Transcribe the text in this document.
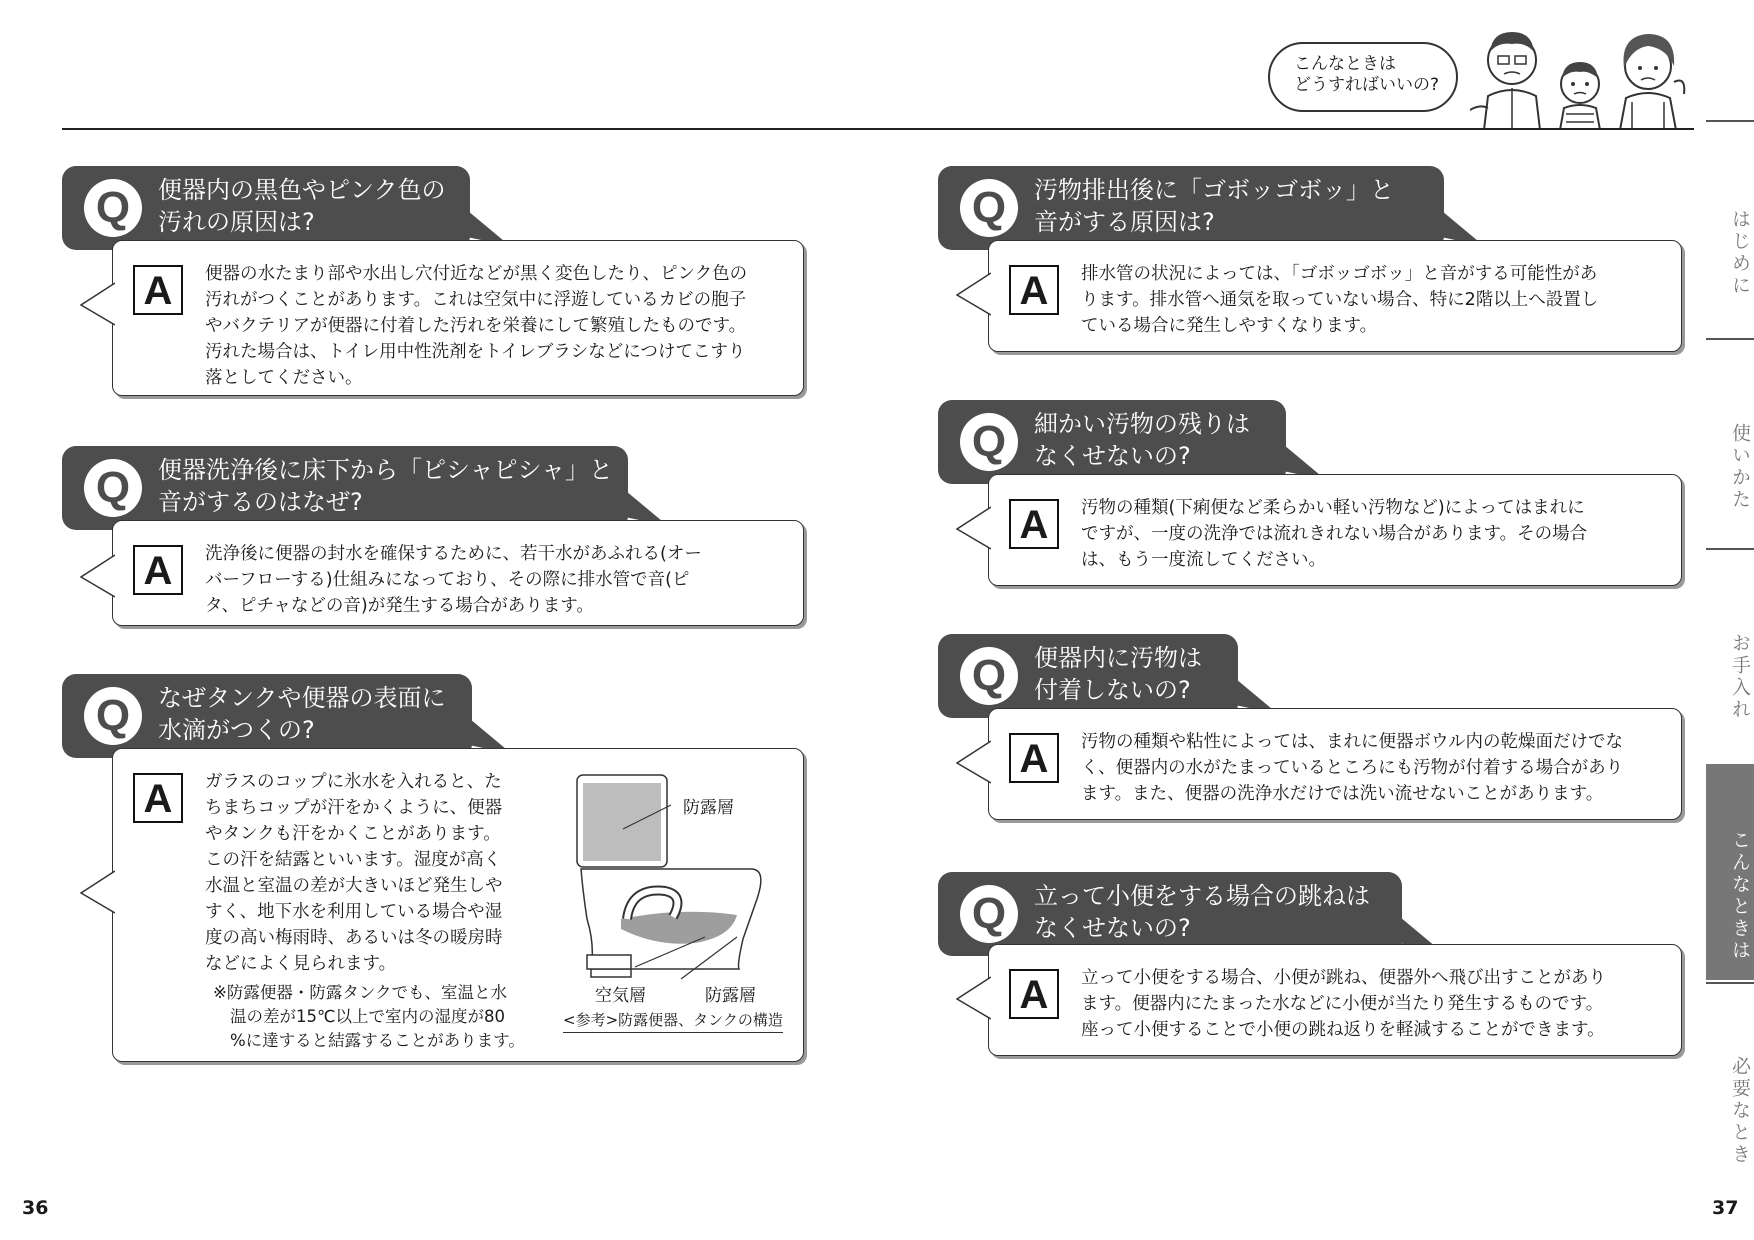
こんなときは
どうすればいいの?
はじめに
使いかた
お手入れ
こんなときは
必要なとき
36	37
Q	便器内の黒色やピンク色の
汚れの原因は?
A	便器の水たまり部や水出し穴付近などが黒く変色したり、ピンク色の
汚れがつくことがあります。これは空気中に浮遊しているカビの胞子
やバクテリアが便器に付着した汚れを栄養にして繁殖したものです。
汚れた場合は、トイレ用中性洗剤をトイレブラシなどにつけてこすり
落としてください。
Q	便器洗浄後に床下から「ピシャピシャ」と
音がするのはなぜ?
A	洗浄後に便器の封水を確保するために、若干水があふれる(オー
バーフローする)仕組みになっており、その際に排水管で音(ピ
タ、ピチャなどの音)が発生する場合があります。
Q	なぜタンクや便器の表面に
水滴がつくの?
A	ガラスのコップに氷水を入れると、た
ちまちコップが汗をかくように、便器
やタンクも汗をかくことがあります。
この汗を結露といいます。湿度が高く
水温と室温の差が大きいほど発生しや
すく、地下水を利用している場合や湿
度の高い梅雨時、あるいは冬の暖房時
などによく見られます。
※防露便器・防露タンクでも、室温と水
温の差が15℃以上で室内の湿度が80
%に達すると結露することがあります。
防露層
空気層	防露層
<参考>防露便器、タンクの構造
Q	汚物排出後に「ゴボッゴボッ」と
音がする原因は?
A	排水管の状況によっては、「ゴボッゴボッ」と音がする可能性があ
ります。排水管へ通気を取っていない場合、特に2階以上へ設置し
ている場合に発生しやすくなります。
Q	細かい汚物の残りは
なくせないの?
A	汚物の種類(下痢便など柔らかい軽い汚物など)によってはまれに
ですが、一度の洗浄では流れきれない場合があります。その場合
は、もう一度流してください。
Q	便器内に汚物は
付着しないの?
A	汚物の種類や粘性によっては、まれに便器ボウル内の乾燥面だけでな
く、便器内の水がたまっているところにも汚物が付着する場合があり
ます。また、便器の洗浄水だけでは洗い流せないことがあります。
Q	立って小便をする場合の跳ねは
なくせないの?
A	立って小便をする場合、小便が跳ね、便器外へ飛び出すことがあり
ます。便器内にたまった水などに小便が当たり発生するものです。
座って小便することで小便の跳ね返りを軽減することができます。
